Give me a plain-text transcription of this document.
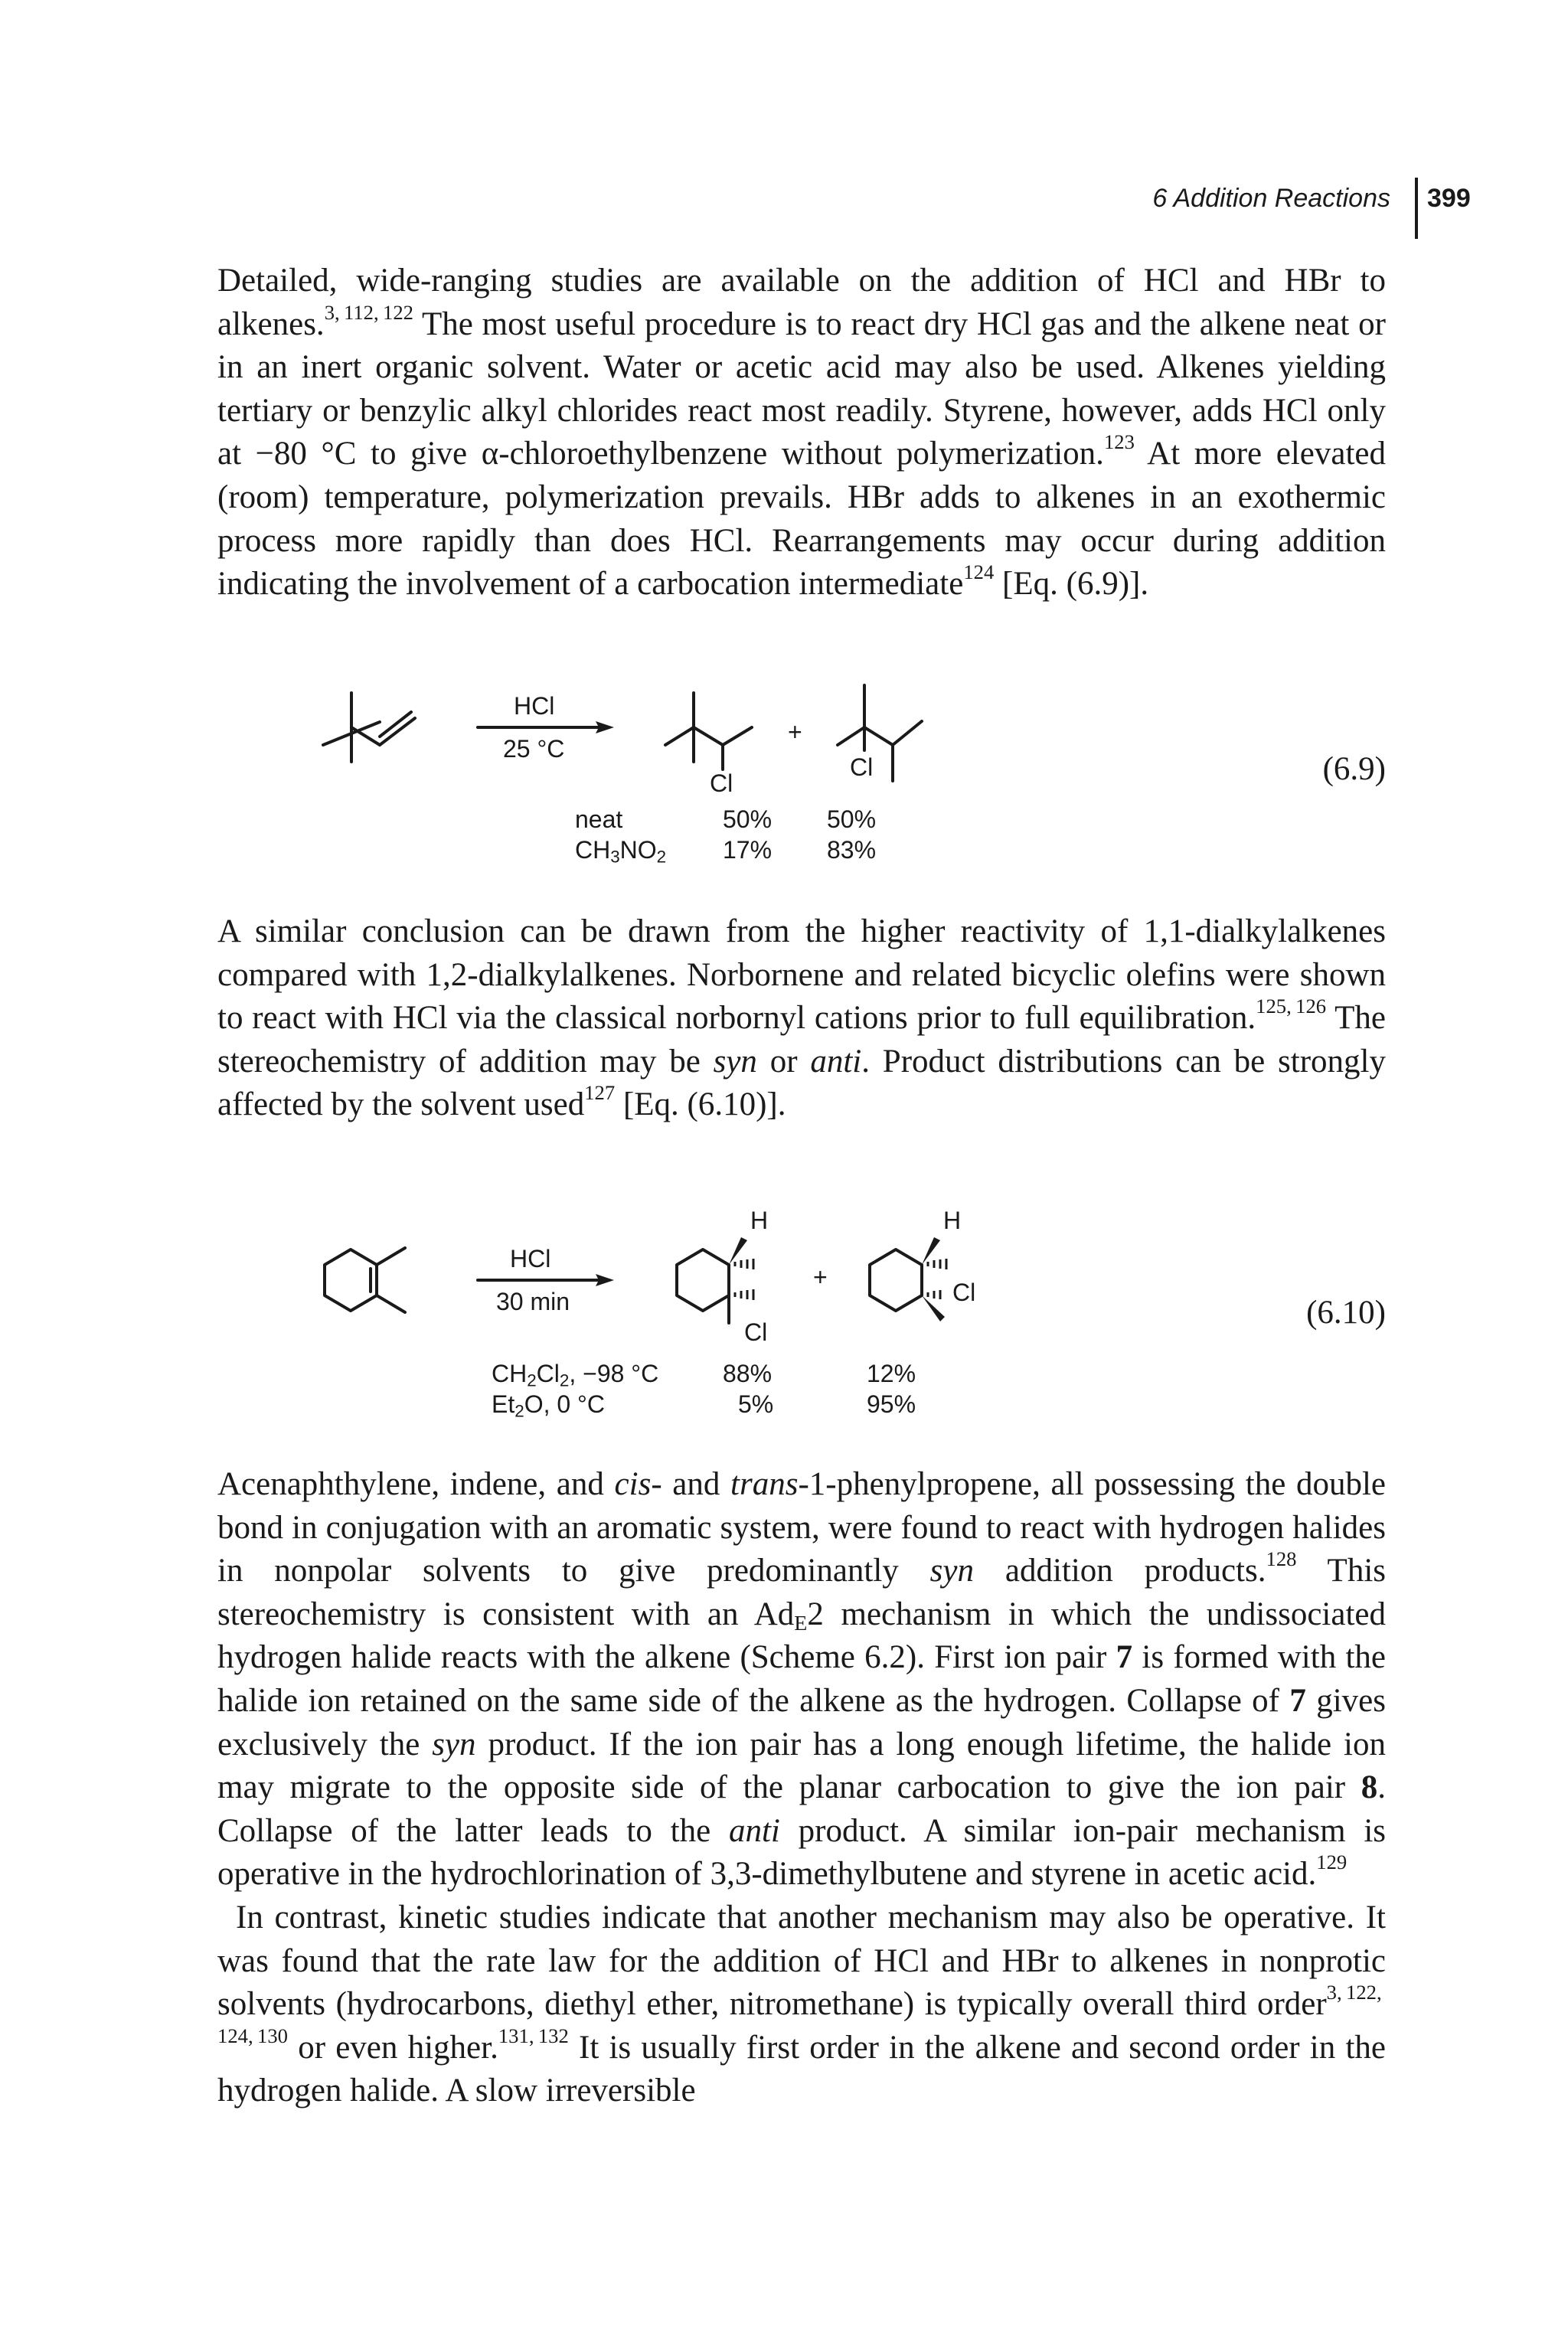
6 Addition Reactions 399

Detailed, wide-ranging studies are available on the addition of HCl and HBr to alkenes.$^{3, 112, 122}$ The most useful procedure is to react dry HCl gas and the alkene neat or in an inert organic solvent. Water or acetic acid may also be used. Alkenes yielding tertiary or benzylic alkyl chlorides react most readily. Styrene, however, adds HCl only at −80 °C to give α-chloroethylbenzene without polymerization.$^{123}$ At more elevated (room) temperature, polymerization prevails. HBr adds to alkenes in an exothermic process more rapidly than does HCl. Rearrangements may occur during addition indicating the involvement of a carbocation intermediate$^{124}$ [Eq. (6.9)].

HCl
25 °C
Cl
+
Cl
neat	50% 50%
$CH_3NO_2$ 17% 83%
(6.9)

A similar conclusion can be drawn from the higher reactivity of 1,1-dialkylalkenes compared with 1,2-dialkylalkenes. Norbornene and related bicyclic olefins were shown to react with HCl via the classical norbornyl cations prior to full equilibration.$^{125, 126}$ The stereochemistry of addition may be syn or anti. Product distributions can be strongly affected by the solvent used$^{127}$ [Eq. (6.10)].

HCl
30 min
H
Cl
+
H
Cl
$CH_2Cl_2$, −98 °C	88%	12%
$Et_2O$, 0 °C	5%	95%
(6.10)

Acenaphthylene, indene, and cis- and trans-1-phenylpropene, all possessing the double bond in conjugation with an aromatic system, were found to react with hydrogen halides in nonpolar solvents to give predominantly syn addition products.$^{128}$ This stereochemistry is consistent with an $Ad_E2$ mechanism in which the undissociated hydrogen halide reacts with the alkene (Scheme 6.2). First ion pair 7 is formed with the halide ion retained on the same side of the alkene as the hydrogen. Collapse of 7 gives exclusively the syn product. If the ion pair has a long enough lifetime, the halide ion may migrate to the opposite side of the planar carbocation to give the ion pair 8. Collapse of the latter leads to the anti product. A similar ion-pair mechanism is operative in the hydrochlorination of 3,3-dimethylbutene and styrene in acetic acid.$^{129}$

In contrast, kinetic studies indicate that another mechanism may also be operative. It was found that the rate law for the addition of HCl and HBr to alkenes in nonprotic solvents (hydrocarbons, diethyl ether, nitromethane) is typically overall third order$^{3, 122, 124, 130}$ or even higher.$^{131, 132}$ It is usually first order in the alkene and second order in the hydrogen halide. A slow irreversible
